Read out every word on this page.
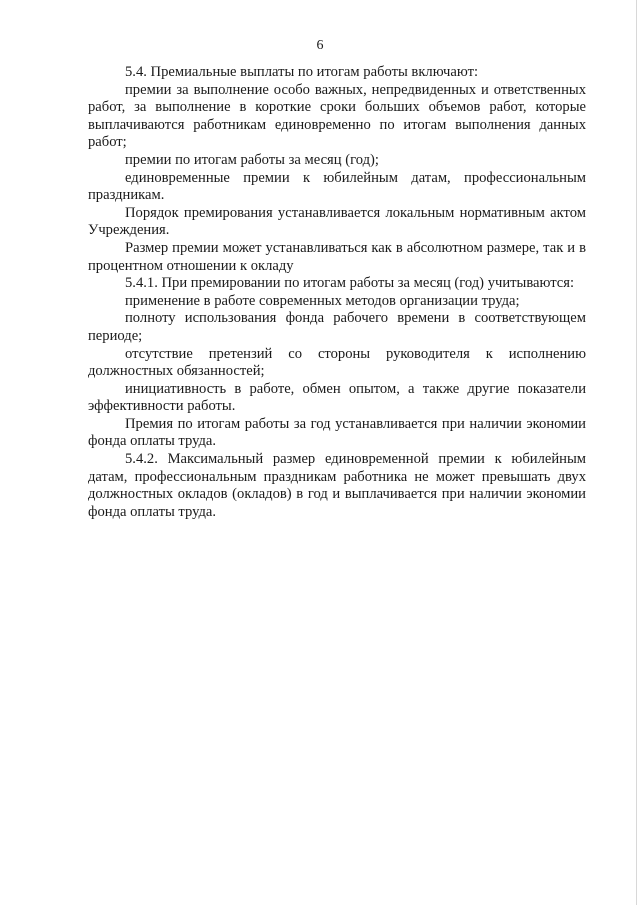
6

5.4. Премиальные выплаты по итогам работы включают:

премии за выполнение особо важных, непредвиденных и ответственных работ, за выполнение в короткие сроки больших объемов работ, которые выплачиваются работникам единовременно по итогам выполнения данных работ;

премии по итогам работы за месяц (год);

единовременные премии к юбилейным датам, профессиональным праздникам.

Порядок премирования устанавливается локальным нормативным актом Учреждения.

Размер премии может устанавливаться как в абсолютном размере, так и в процентном отношении к окладу

5.4.1. При премировании по итогам работы за месяц (год) учитываются:

применение в работе современных методов организации труда;

полноту использования фонда рабочего времени в соответствующем периоде;

отсутствие претензий со стороны руководителя к исполнению должностных обязанностей;

инициативность в работе, обмен опытом, а также другие показатели эффективности работы.

Премия по итогам работы за год устанавливается при наличии экономии фонда оплаты труда.

5.4.2. Максимальный размер единовременной премии к юбилейным датам, профессиональным праздникам работника не может превышать двух должностных окладов (окладов) в год и выплачивается при наличии экономии фонда оплаты труда.
